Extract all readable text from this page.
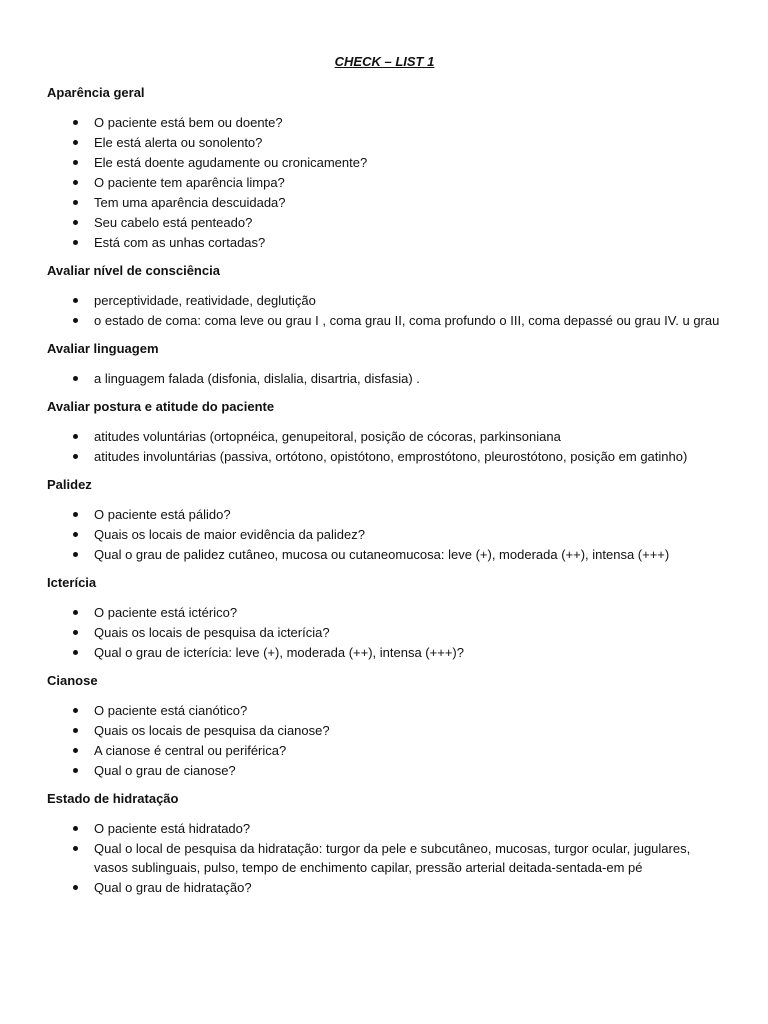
CHECK – LIST 1
Aparência geral
O paciente está bem ou doente?
Ele está alerta ou sonolento?
Ele está doente agudamente ou cronicamente?
O paciente tem aparência limpa?
Tem uma aparência descuidada?
Seu cabelo está penteado?
Está com as unhas cortadas?
Avaliar nível de consciência
perceptividade, reatividade, deglutição
o estado de coma: coma leve ou grau I , coma grau II, coma profundo o III, coma depassé ou grau IV. u grau
Avaliar linguagem
a linguagem falada (disfonia, dislalia, disartria, disfasia) .
Avaliar postura e atitude do paciente
atitudes voluntárias (ortopnéica, genupeitoral, posição de cócoras, parkinsoniana
atitudes involuntárias (passiva, ortótono, opistótono, emprostótono, pleurostótono, posição em gatinho)
Palidez
O paciente está pálido?
Quais os locais de maior evidência da palidez?
Qual o grau de palidez cutâneo, mucosa ou cutaneomucosa: leve (+), moderada (++), intensa (+++)
Icterícia
O paciente está ictérico?
Quais os locais de pesquisa da icterícia?
Qual o grau de icterícia: leve (+), moderada (++), intensa (+++)?
Cianose
O paciente está cianótico?
Quais os locais de pesquisa da cianose?
A cianose é central ou periférica?
Qual o grau de cianose?
Estado de hidratação
O paciente está hidratado?
Qual o local de pesquisa da hidratação: turgor da pele e subcutâneo, mucosas, turgor ocular, jugulares, vasos sublinguais, pulso, tempo de enchimento capilar, pressão arterial deitada-sentada-em pé
Qual o grau de hidratação?
